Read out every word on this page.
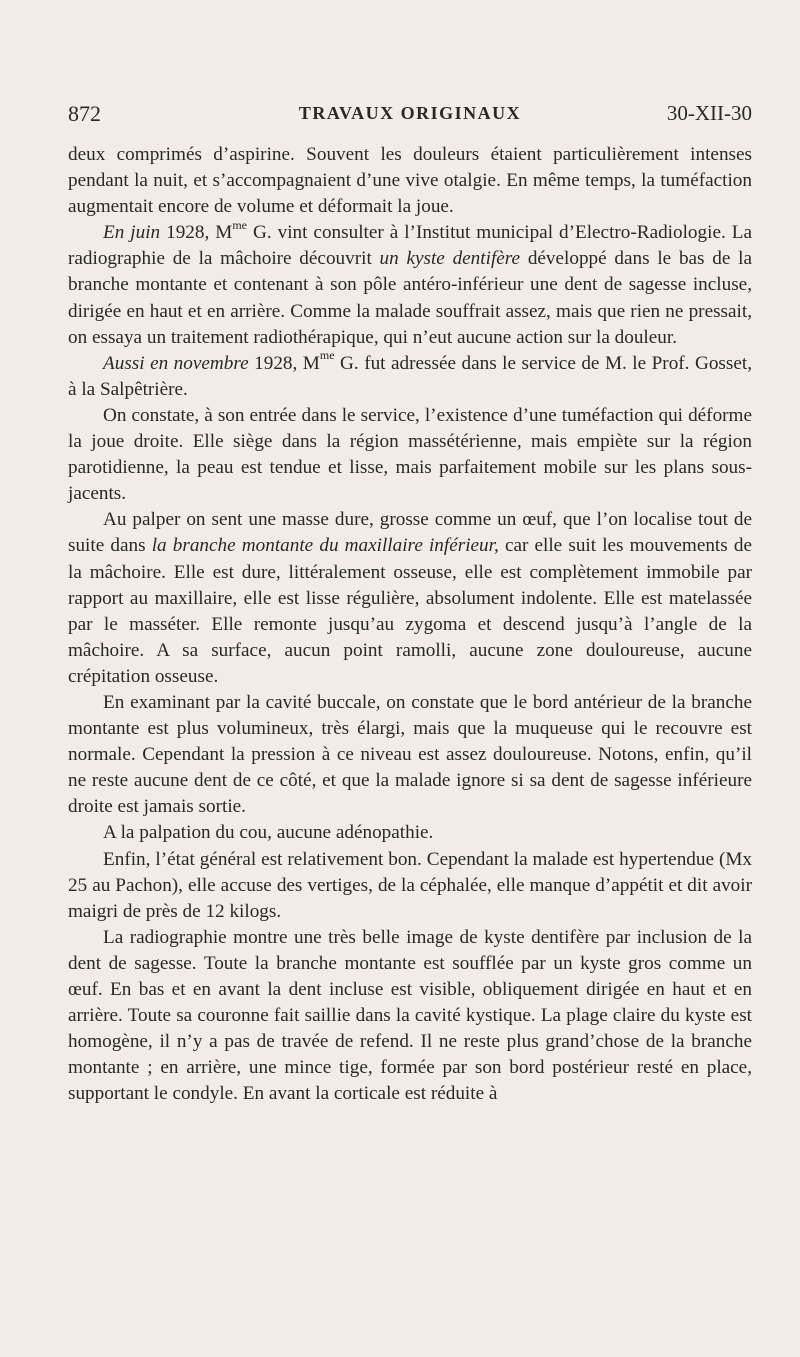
872	TRAVAUX ORIGINAUX	30-XII-30

deux comprimés d’aspirine. Souvent les douleurs étaient particulièrement intenses pendant la nuit, et s’accompagnaient d’une vive otalgie. En même temps, la tuméfaction augmentait encore de volume et déformait la joue.

En juin 1928, $M^{me}$ G. vint consulter à l’Institut municipal d’Electro-Radiologie. La radiographie de la mâchoire découvrit un kyste dentifère développé dans le bas de la branche montante et contenant à son pôle antéro-inférieur une dent de sagesse incluse, dirigée en haut et en arrière. Comme la malade souffrait assez, mais que rien ne pressait, on essaya un traitement radiothérapique, qui n’eut aucune action sur la douleur.

Aussi en novembre 1928, $M^{me}$ G. fut adressée dans le service de M. le Prof. Gosset, à la Salpêtrière.

On constate, à son entrée dans le service, l’existence d’une tuméfaction qui déforme la joue droite. Elle siège dans la région massétérienne, mais empiète sur la région parotidienne, la peau est tendue et lisse, mais parfaitement mobile sur les plans sous-jacents.

Au palper on sent une masse dure, grosse comme un œuf, que l’on localise tout de suite dans la branche montante du maxillaire inférieur, car elle suit les mouvements de la mâchoire. Elle est dure, littéralement osseuse, elle est complètement immobile par rapport au maxillaire, elle est lisse régulière, absolument indolente. Elle est matelassée par le masséter. Elle remonte jusqu’au zygoma et descend jusqu’à l’angle de la mâchoire. A sa surface, aucun point ramolli, aucune zone douloureuse, aucune crépitation osseuse.

En examinant par la cavité buccale, on constate que le bord antérieur de la branche montante est plus volumineux, très élargi, mais que la muqueuse qui le recouvre est normale. Cependant la pression à ce niveau est assez douloureuse. Notons, enfin, qu’il ne reste aucune dent de ce côté, et que la malade ignore si sa dent de sagesse inférieure droite est jamais sortie.

A la palpation du cou, aucune adénopathie.

Enfin, l’état général est relativement bon. Cependant la malade est hypertendue (Mx 25 au Pachon), elle accuse des vertiges, de la céphalée, elle manque d’appétit et dit avoir maigri de près de 12 kilogs.

La radiographie montre une très belle image de kyste dentifère par inclusion de la dent de sagesse. Toute la branche montante est soufflée par un kyste gros comme un œuf. En bas et en avant la dent incluse est visible, obliquement dirigée en haut et en arrière. Toute sa couronne fait saillie dans la cavité kystique. La plage claire du kyste est homogène, il n’y a pas de travée de refend. Il ne reste plus grand’chose de la branche montante ; en arrière, une mince tige, formée par son bord postérieur resté en place, supportant le condyle. En avant la corticale est réduite à
